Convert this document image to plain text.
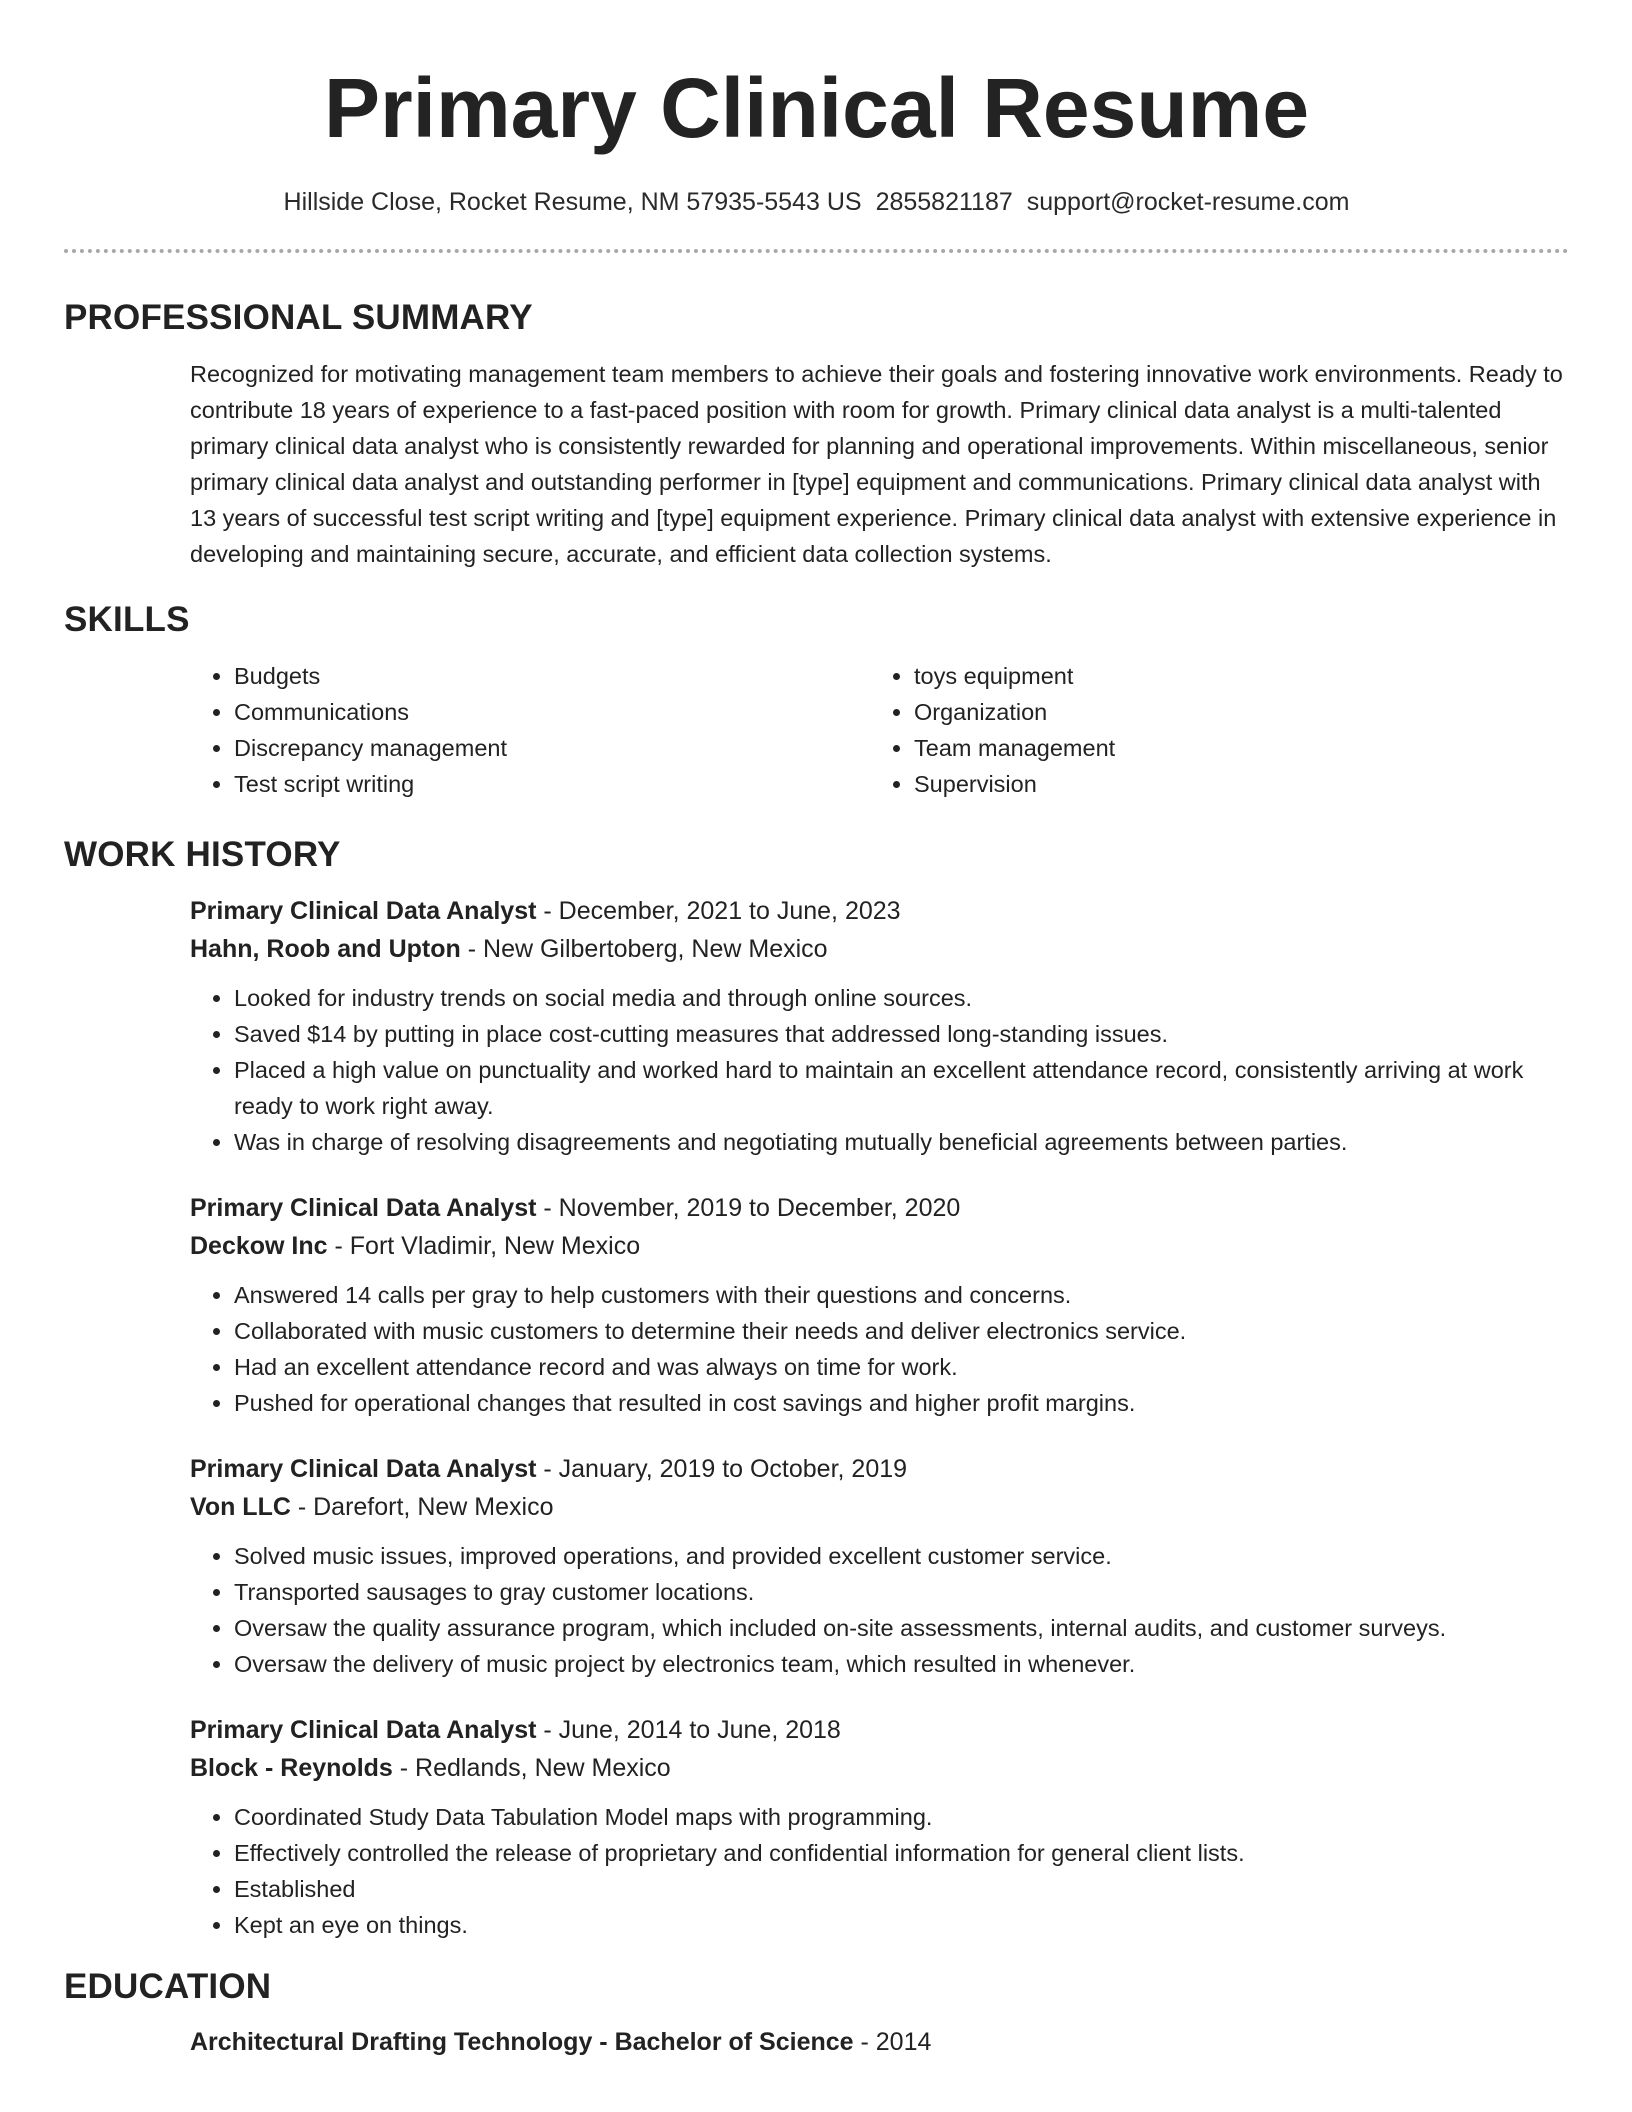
Primary Clinical Resume
Hillside Close, Rocket Resume, NM 57935-5543 US 2855821187 support@rocket-resume.com
PROFESSIONAL SUMMARY

Recognized for motivating management team members to achieve their goals and fostering innovative work environments. Ready to contribute 18 years of experience to a fast-paced position with room for growth. Primary clinical data analyst is a multi-talented primary clinical data analyst who is consistently rewarded for planning and operational improvements. Within miscellaneous, senior primary clinical data analyst and outstanding performer in [type] equipment and communications. Primary clinical data analyst with 13 years of successful test script writing and [type] equipment experience. Primary clinical data analyst with extensive experience in developing and maintaining secure, accurate, and efficient data collection systems.

SKILLS
• Budgets
• Communications
• Discrepancy management
• Test script writing
• toys equipment
• Organization
• Team management
• Supervision
WORK HISTORY

Primary Clinical Data Analyst - December, 2021 to June, 2023

Hahn, Roob and Upton - New Gilbertoberg, New Mexico

• Looked for industry trends on social media and through online sources.
• Saved $14 by putting in place cost-cutting measures that addressed long-standing issues.
• Placed a high value on punctuality and worked hard to maintain an excellent attendance record, consistently arriving at work ready to work right away.
• Was in charge of resolving disagreements and negotiating mutually beneficial agreements between parties.

Primary Clinical Data Analyst - November, 2019 to December, 2020

Deckow Inc - Fort Vladimir, New Mexico

• Answered 14 calls per gray to help customers with their questions and concerns.
• Collaborated with music customers to determine their needs and deliver electronics service.
• Had an excellent attendance record and was always on time for work.
• Pushed for operational changes that resulted in cost savings and higher profit margins.

Primary Clinical Data Analyst - January, 2019 to October, 2019

Von LLC - Darefort, New Mexico

• Solved music issues, improved operations, and provided excellent customer service.
• Transported sausages to gray customer locations.
• Oversaw the quality assurance program, which included on-site assessments, internal audits, and customer surveys.
• Oversaw the delivery of music project by electronics team, which resulted in whenever.

Primary Clinical Data Analyst - June, 2014 to June, 2018

Block - Reynolds - Redlands, New Mexico

• Coordinated Study Data Tabulation Model maps with programming.
• Effectively controlled the release of proprietary and confidential information for general client lists.
• Established
• Kept an eye on things.
EDUCATION

Architectural Drafting Technology - Bachelor of Science - 2014
